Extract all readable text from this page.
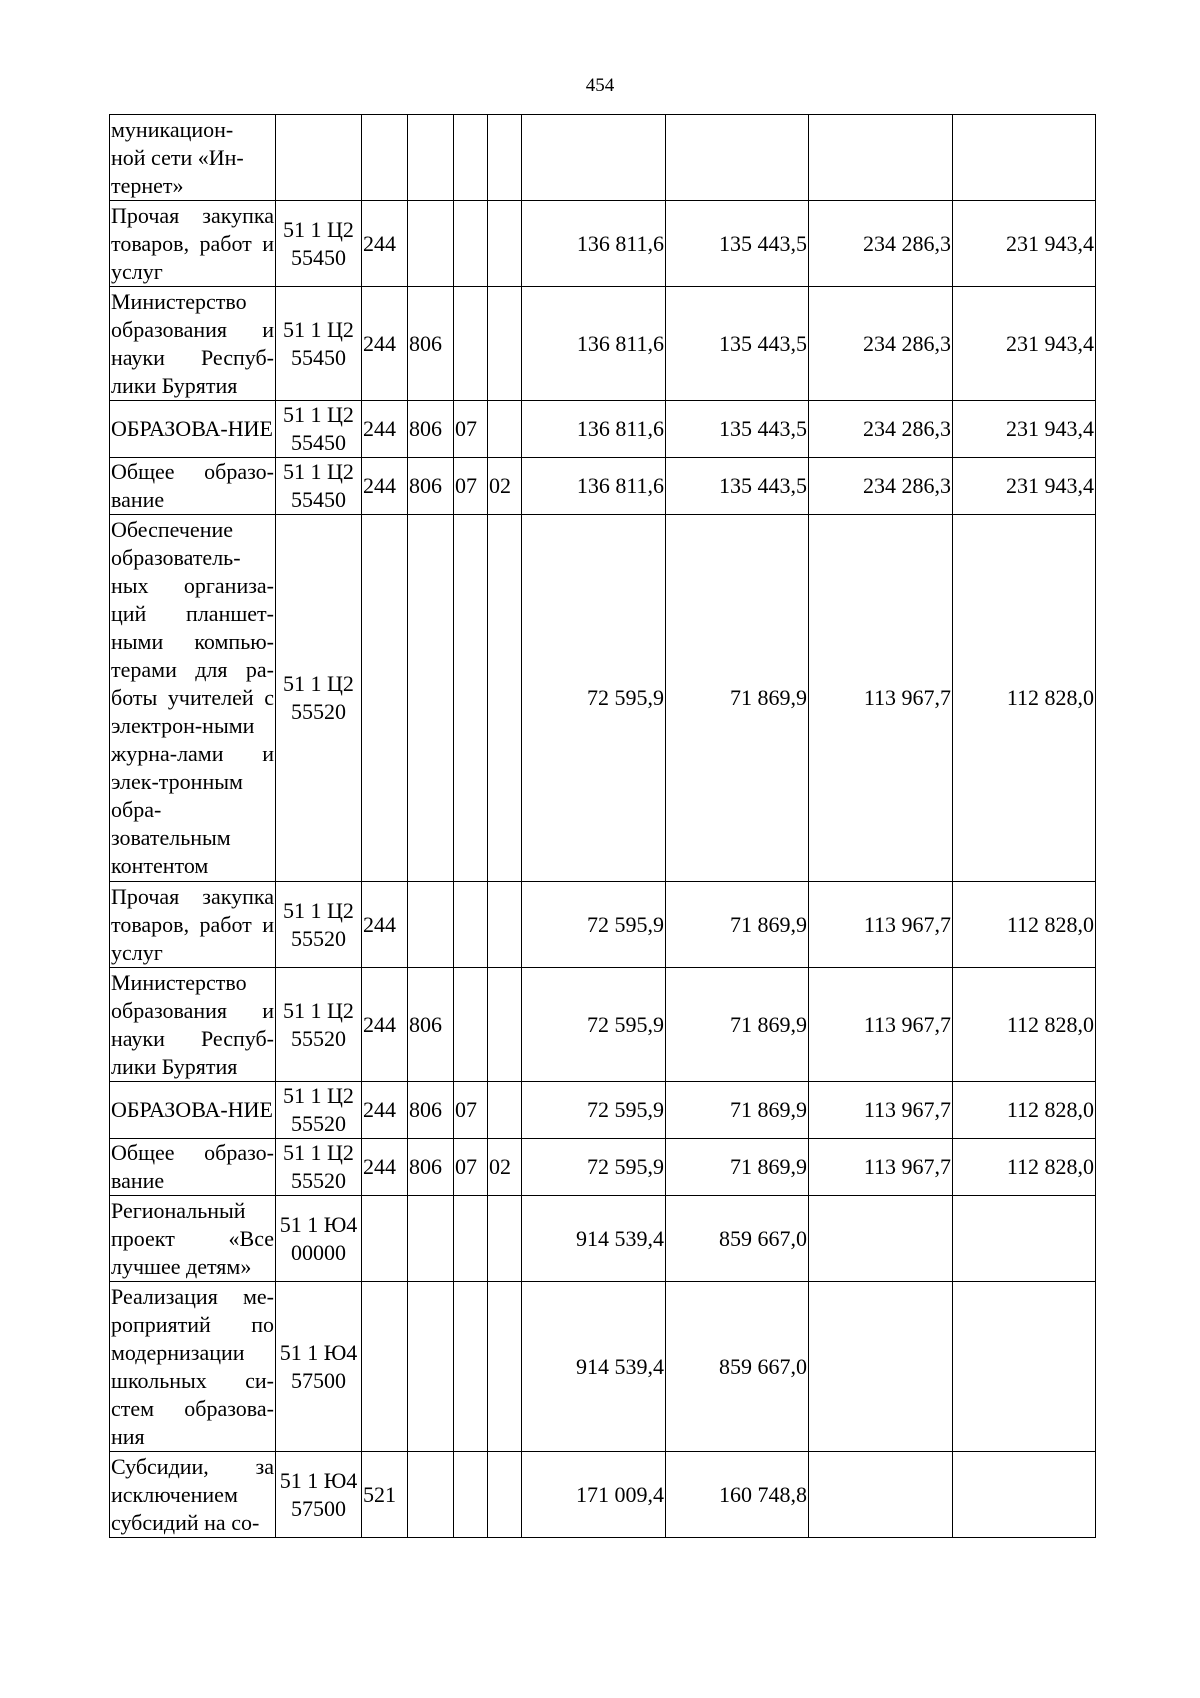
454
муникацион-
ной сети «Ин-
тернет»									
Прочая закупка товаров, работ и услуг	51 1 Ц2 55450	244				136 811,6	135 443,5	234 286,3	231 943,4
Министерство образования и науки Респуб-лики Бурятия	51 1 Ц2 55450	244	806			136 811,6	135 443,5	234 286,3	231 943,4
ОБРАЗОВА-НИЕ	51 1 Ц2 55450	244	806	07		136 811,6	135 443,5	234 286,3	231 943,4
Общее образо-вание	51 1 Ц2 55450	244	806	07	02	136 811,6	135 443,5	234 286,3	231 943,4
Обеспечение образователь-ных организа-ций планшет-ными компью-терами для ра-боты учителей с электрон-ными журна-лами и элек-тронным обра-зовательным контентом	51 1 Ц2 55520					72 595,9	71 869,9	113 967,7	112 828,0
Прочая закупка товаров, работ и услуг	51 1 Ц2 55520	244				72 595,9	71 869,9	113 967,7	112 828,0
Министерство образования и науки Респуб-лики Бурятия	51 1 Ц2 55520	244	806			72 595,9	71 869,9	113 967,7	112 828,0
ОБРАЗОВА-НИЕ	51 1 Ц2 55520	244	806	07		72 595,9	71 869,9	113 967,7	112 828,0
Общее образо-вание	51 1 Ц2 55520	244	806	07	02	72 595,9	71 869,9	113 967,7	112 828,0
Региональный проект «Все лучшее детям»	51 1 Ю4 00000					914 539,4	859 667,0		
Реализация ме-роприятий по модернизации школьных си-стем образова-ния	51 1 Ю4 57500					914 539,4	859 667,0		
Субсидии, за исключением субсидий на со-	51 1 Ю4 57500	521				171 009,4	160 748,8		
